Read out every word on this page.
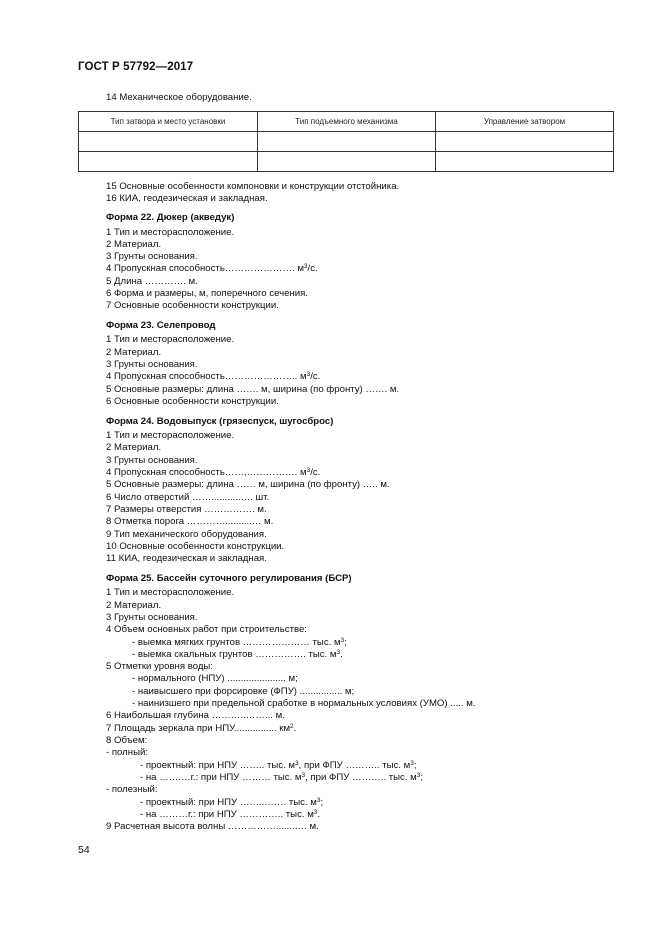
ГОСТ Р 57792—2017
14 Механическое оборудование.
Тип затвора и место установки	Тип подъемного механизма	Управление затвором

15 Основные особенности компоновки и конструкции отстойника.
16 КИА, геодезическая и закладная.
Форма 22. Дюкер (акведук)
1 Тип и месторасположение.
2 Материал.
3 Грунты основания.
4 Пропускная способность…………………. $м^3/с$.
5 Длина …………. м.
6 Форма и размеры, м, поперечного сечения.
7 Основные особенности конструкции.
Форма 23. Селепровод
1 Тип и месторасположение.
2 Материал.
3 Грунты основания.
4 Пропускная способность………………….. $м^3/с$.
5 Основные размеры: длина ……. м, ширина (по фронту) ……. м.
6 Основные особенности конструкции.
Форма 24. Водовыпуск (грязеспуск, шугосброс)
1 Тип и месторасположение.
2 Материал.
3 Грунты основания.
4 Пропускная способность……,……………. $м^3/с$.
5 Основные размеры: длина …… м, ширина (по фронту) ….. м.
6 Число отверстий ……...........…. шт.
7 Размеры отверстия ……………. м.
8 Отметка порога …………..........… м.
9 Тип механического оборудования.
10 Основные особенности конструкции.
11 КИА, геодезическая и закладная.
Форма 25. Бассейн суточного регулирования (БСР)
1 Тип и месторасположение.
2 Материал.
3 Грунты основания.
4 Объем основных работ при строительстве:
- выемка мягких грунтов ………………… тыс. $м^3$;
- выемка скальных грунтов ……………. тыс. $м^3$.
5 Отметки уровня воды:
- нормального (НПУ) ...................... м;
- наивысшего при форсировке (ФПУ) ................ м;
- наинизшего при предельной сработке в нормальных условиях (УМО) ..... м.
6 Наибольшая глубина ………..……... м.
7 Площадь зеркала при НПУ................ $км^2$.
8 Объем:
- полный:
- проектный: при НПУ …….. тыс. $м^3$, при ФПУ ……….. тыс. $м^3$;
- на …….…г.: при НПУ ……… тыс. $м^3$, при ФПУ ……….. тыс. $м^3$;
- полезный:
- проектный: при НПУ ……..……. тыс. $м^3$;
- на ………г.: при НПУ ………….. тыс. $м^3$.
9 Расчетная высота волны …………….......…. м.
54
